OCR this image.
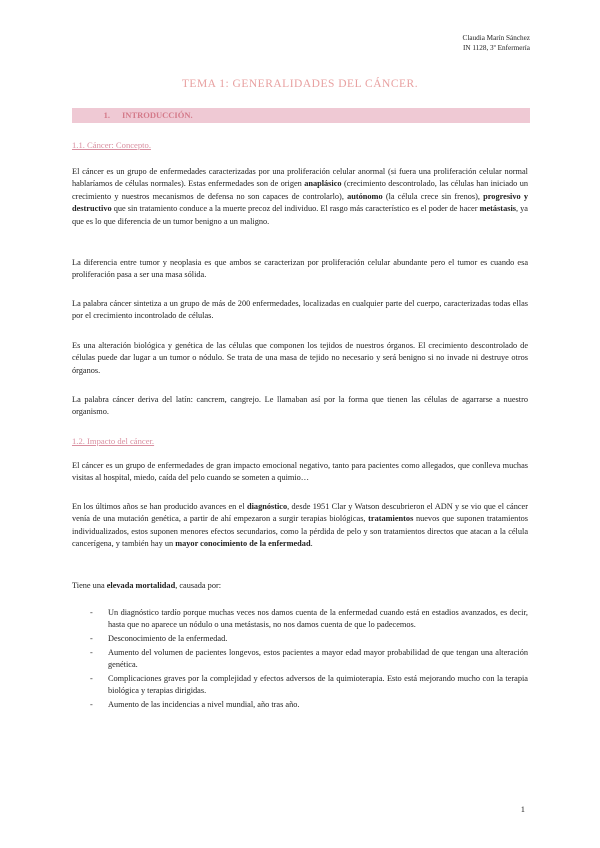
Claudia Marín Sánchez
IN 1128, 3º Enfermería
TEMA 1: GENERALIDADES DEL CÁNCER.
1. INTRODUCCIÓN.
1.1. Cáncer: Concepto.
El cáncer es un grupo de enfermedades caracterizadas por una proliferación celular anormal (si fuera una proliferación celular normal hablaríamos de células normales). Estas enfermedades son de origen anaplásico (crecimiento descontrolado, las células han iniciado un crecimiento y nuestros mecanismos de defensa no son capaces de controlarlo), autónomo (la célula crece sin frenos), progresivo y destructivo que sin tratamiento conduce a la muerte precoz del individuo. El rasgo más característico es el poder de hacer metástasis, ya que es lo que diferencia de un tumor benigno a un maligno.
La diferencia entre tumor y neoplasia es que ambos se caracterizan por proliferación celular abundante pero el tumor es cuando esa proliferación pasa a ser una masa sólida.
La palabra cáncer sintetiza a un grupo de más de 200 enfermedades, localizadas en cualquier parte del cuerpo, caracterizadas todas ellas por el crecimiento incontrolado de células.
Es una alteración biológica y genética de las células que componen los tejidos de nuestros órganos. El crecimiento descontrolado de células puede dar lugar a un tumor o nódulo. Se trata de una masa de tejido no necesario y será benigno si no invade ni destruye otros órganos.
La palabra cáncer deriva del latín: cancrem, cangrejo. Le llamaban así por la forma que tienen las células de agarrarse a nuestro organismo.
1.2. Impacto del cáncer.
El cáncer es un grupo de enfermedades de gran impacto emocional negativo, tanto para pacientes como allegados, que conlleva muchas visitas al hospital, miedo, caída del pelo cuando se someten a quimio…
En los últimos años se han producido avances en el diagnóstico, desde 1951 Clar y Watson descubrieron el ADN y se vio que el cáncer venía de una mutación genética, a partir de ahí empezaron a surgir terapias biológicas, tratamientos nuevos que suponen tratamientos individualizados, estos suponen menores efectos secundarios, como la pérdida de pelo y son tratamientos directos que atacan a la célula cancerígena, y también hay un mayor conocimiento de la enfermedad.
Tiene una elevada mortalidad, causada por:
- Un diagnóstico tardío porque muchas veces nos damos cuenta de la enfermedad cuando está en estadios avanzados, es decir, hasta que no aparece un nódulo o una metástasis, no nos damos cuenta de que lo padecemos.
- Desconocimiento de la enfermedad.
- Aumento del volumen de pacientes longevos, estos pacientes a mayor edad mayor probabilidad de que tengan una alteración genética.
- Complicaciones graves por la complejidad y efectos adversos de la quimioterapia. Esto está mejorando mucho con la terapia biológica y terapias dirigidas.
- Aumento de las incidencias a nivel mundial, año tras año.
1
